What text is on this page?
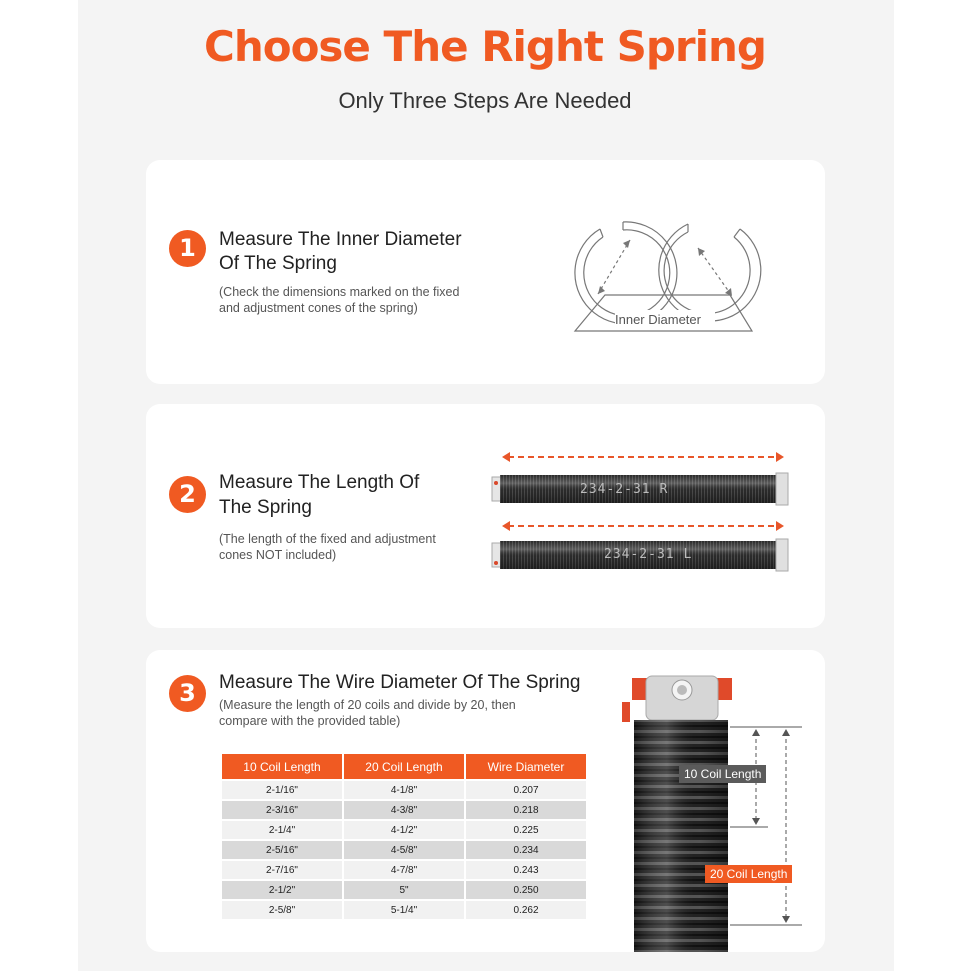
Choose The Right Spring
Only Three Steps Are Needed
1	Measure The Inner Diameter
Of The Spring
(Check the dimensions marked on the fixed
and adjustment cones of the spring)
Inner Diameter
2	Measure The Length Of
The Spring
(The length of the fixed and adjustment
cones NOT included)
234-2-31 R
234-2-31 L
3	Measure The Wire Diameter Of The Spring
(Measure the length of 20 coils and divide by 20, then
compare with the provided table)
10 Coil Length	20 Coil Length	Wire Diameter
2-1/16"	4-1/8"	0.207
2-3/16"	4-3/8"	0.218
2-1/4"	4-1/2"	0.225
2-5/16"	4-5/8"	0.234
2-7/16"	4-7/8"	0.243
2-1/2"	5"	0.250
2-5/8"	5-1/4"	0.262
10 Coil Length
20 Coil Length
